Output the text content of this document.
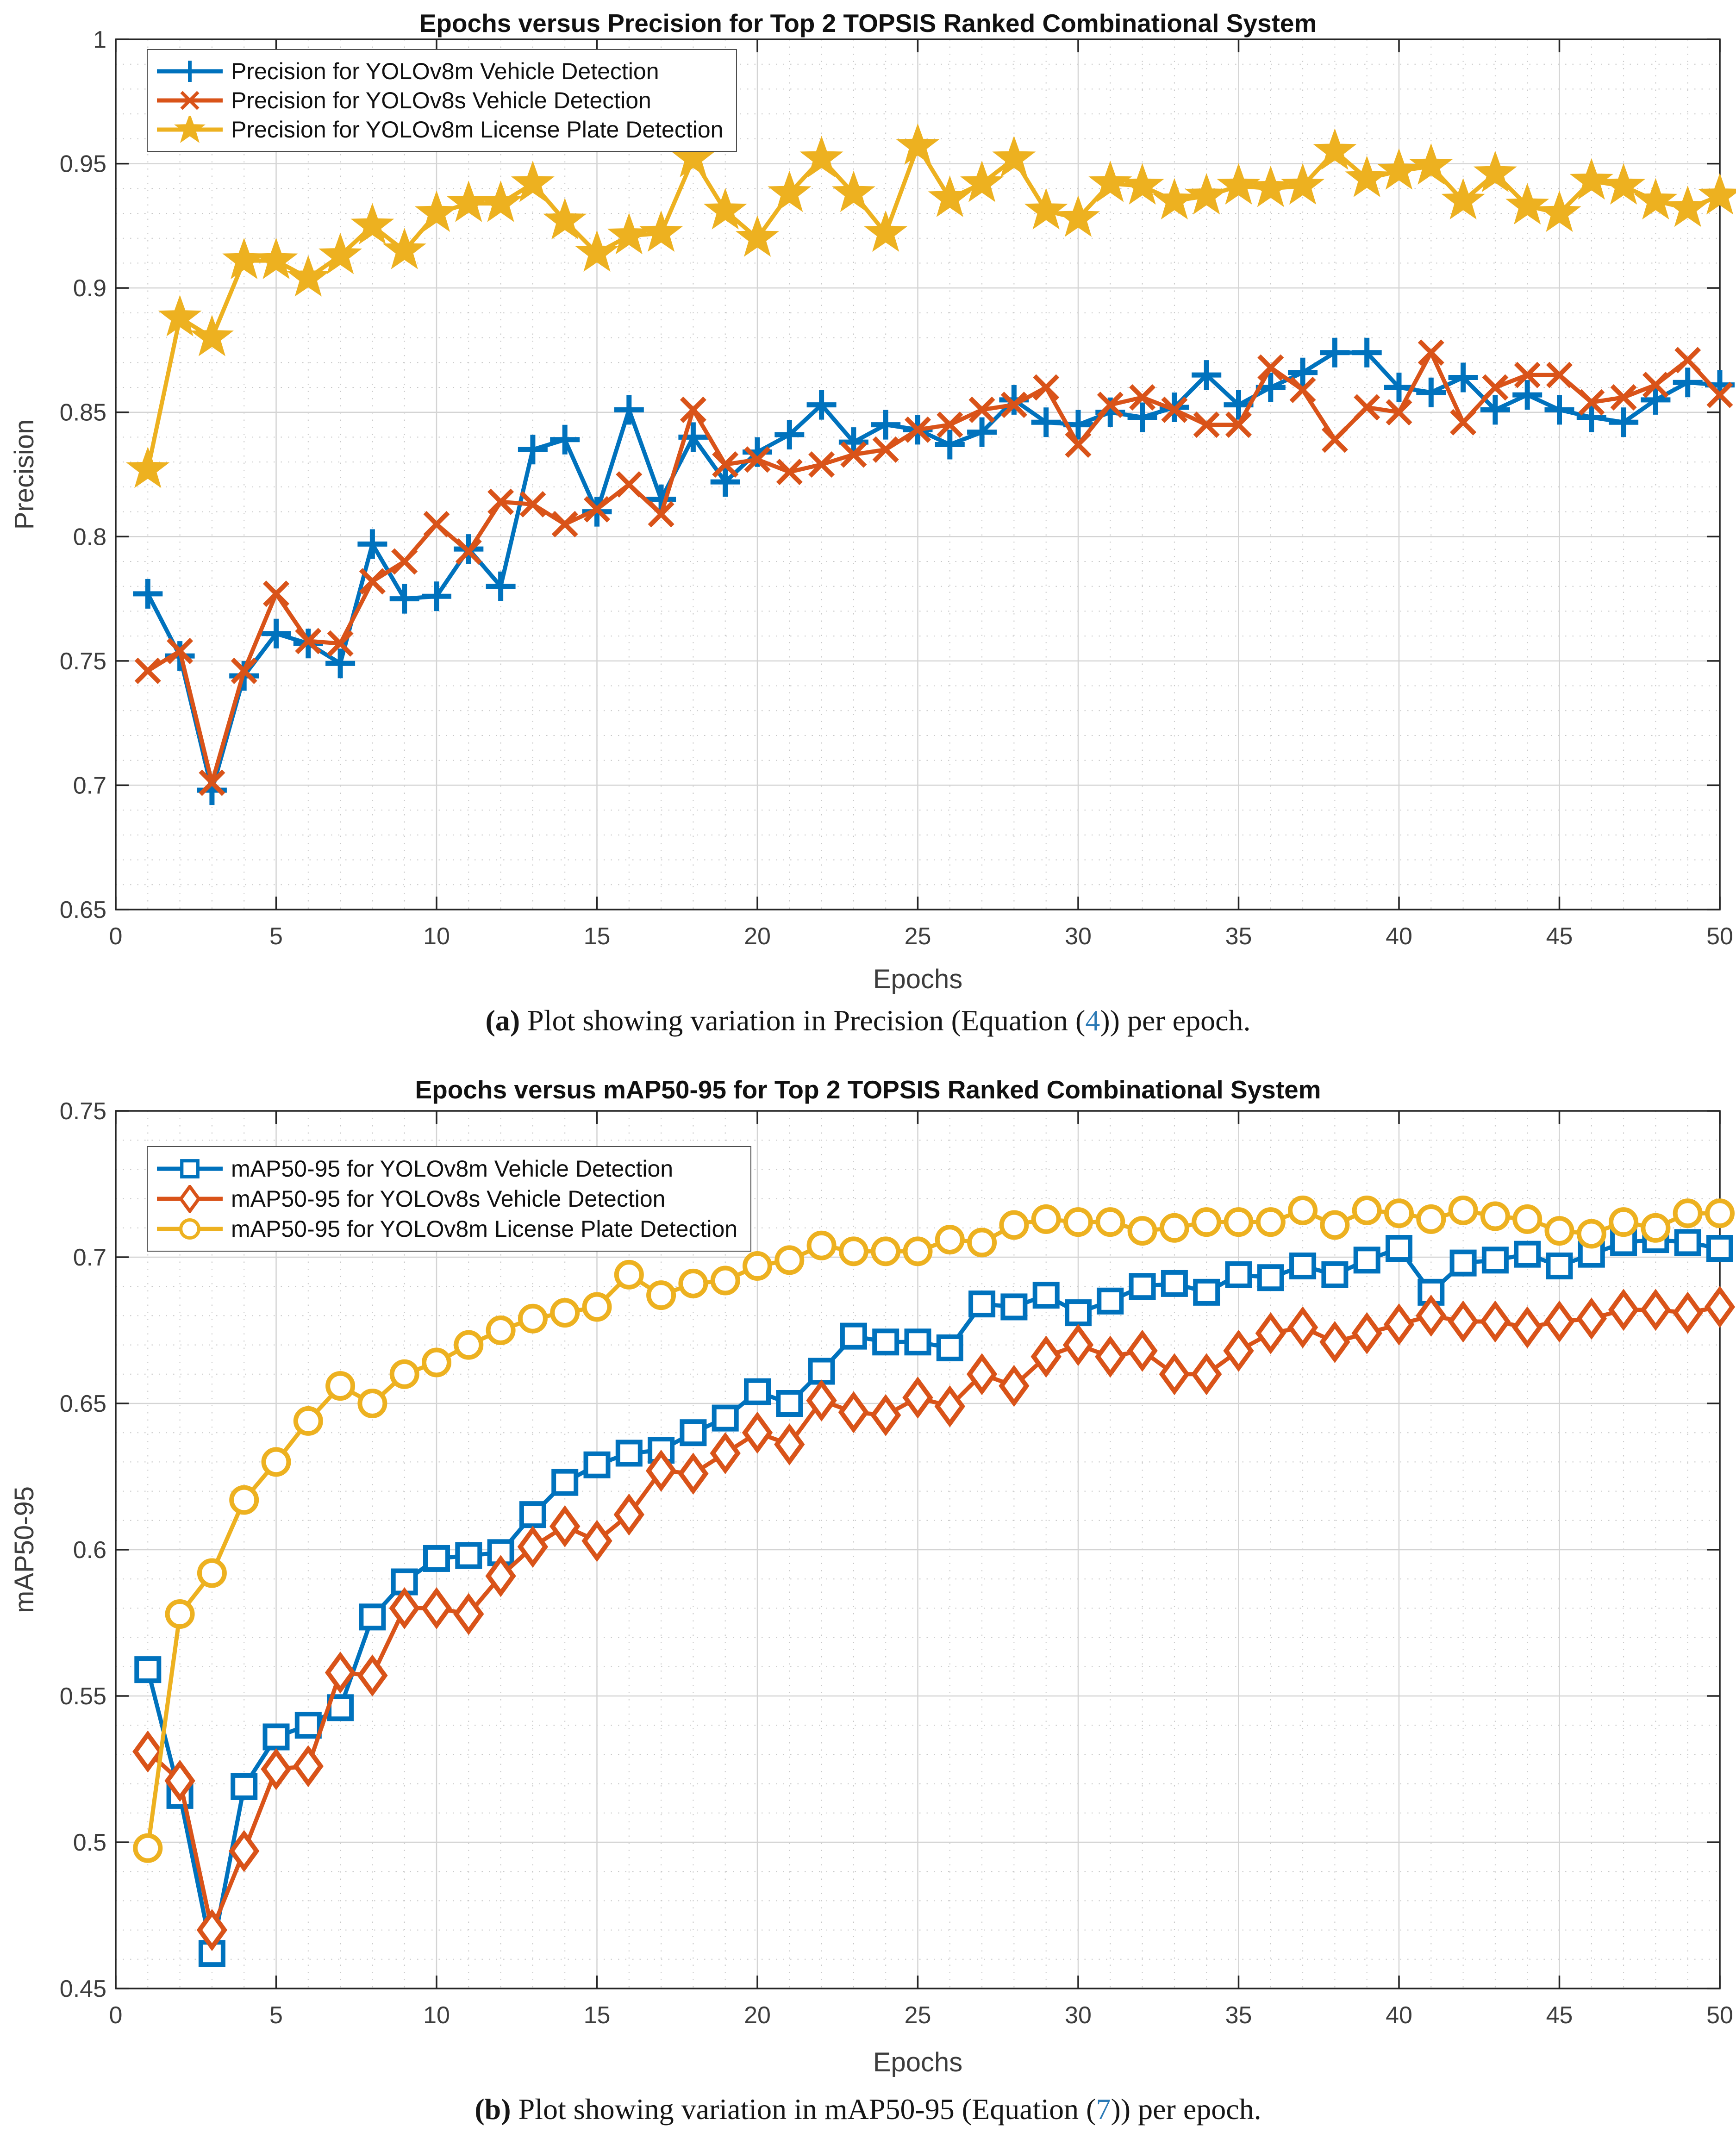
Epochs versus Precision for Top 2 TOPSIS Ranked Combinational System
0	5	10	15	20	25	30	35	40	45	50
0.65
0.7
0.75
0.8
0.85
0.9
0.95
1
Epochs
Precision
Precision for YOLOv8m Vehicle Detection
Precision for YOLOv8s Vehicle Detection
Precision for YOLOv8m License Plate Detection
(a) Plot showing variation in Precision (Equation (4)) per epoch.
Epochs versus mAP50-95 for Top 2 TOPSIS Ranked Combinational System
0	5	10	15	20	25	30	35	40	45	50
0.45
0.5
0.55
0.6
0.65
0.7
0.75
Epochs
mAP50-95
mAP50-95 for YOLOv8m Vehicle Detection
mAP50-95 for YOLOv8s Vehicle Detection
mAP50-95 for YOLOv8m License Plate Detection
(b) Plot showing variation in mAP50-95 (Equation (7)) per epoch.
